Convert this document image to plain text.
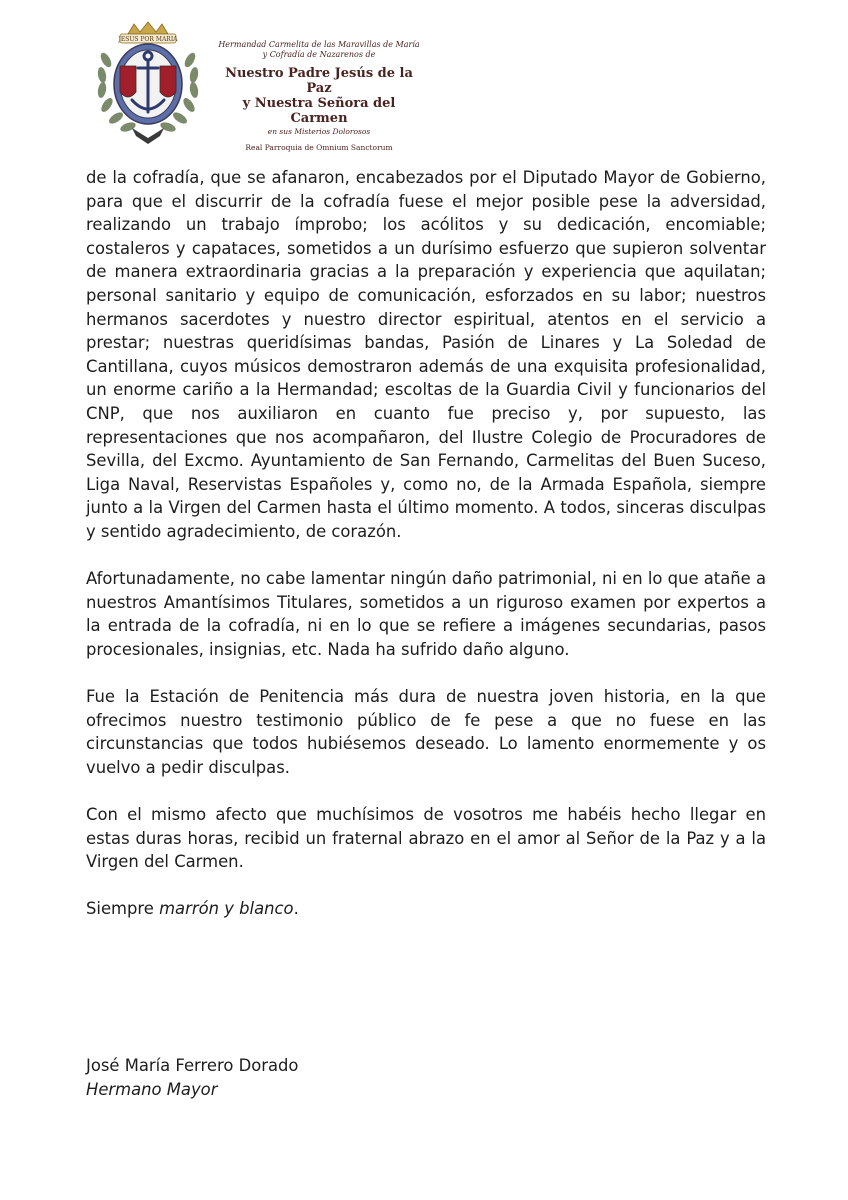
JESUS POR MARIA
Hermandad Carmelita de las Maravillas de María
y Cofradía de Nazarenos de
Nuestro Padre Jesús de la Paz
y Nuestra Señora del Carmen
en sus Misterios Dolorosos
Real Parroquia de Omnium Sanctorum

de la cofradía, que se afanaron, encabezados por el Diputado Mayor de Gobierno, para que el discurrir de la cofradía fuese el mejor posible pese la adversidad, realizando un trabajo ímprobo; los acólitos y su dedicación, encomiable; costaleros y capataces, sometidos a un durísimo esfuerzo que supieron solventar de manera extraordinaria gracias a la preparación y experiencia que aquilatan; personal sanitario y equipo de comunicación, esforzados en su labor; nuestros hermanos sacerdotes y nuestro director espiritual, atentos en el servicio a prestar; nuestras queridísimas bandas, Pasión de Linares y La Soledad de Cantillana, cuyos músicos demostraron además de una exquisita profesionalidad, un enorme cariño a la Hermandad; escoltas de la Guardia Civil y funcionarios del CNP, que nos auxiliaron en cuanto fue preciso y, por supuesto, las representaciones que nos acompañaron, del Ilustre Colegio de Procuradores de Sevilla, del Excmo. Ayuntamiento de San Fernando, Carmelitas del Buen Suceso, Liga Naval, Reservistas Españoles y, como no, de la Armada Española, siempre junto a la Virgen del Carmen hasta el último momento. A todos, sinceras disculpas y sentido agradecimiento, de corazón.

Afortunadamente, no cabe lamentar ningún daño patrimonial, ni en lo que atañe a nuestros Amantísimos Titulares, sometidos a un riguroso examen por expertos a la entrada de la cofradía, ni en lo que se refiere a imágenes secundarias, pasos procesionales, insignias, etc. Nada ha sufrido daño alguno.

Fue la Estación de Penitencia más dura de nuestra joven historia, en la que ofrecimos nuestro testimonio público de fe pese a que no fuese en las circunstancias que todos hubiésemos deseado. Lo lamento enormemente y os vuelvo a pedir disculpas.

Con el mismo afecto que muchísimos de vosotros me habéis hecho llegar en estas duras horas, recibid un fraternal abrazo en el amor al Señor de la Paz y a la Virgen del Carmen.

Siempre marrón y blanco.

José María Ferrero Dorado
Hermano Mayor
